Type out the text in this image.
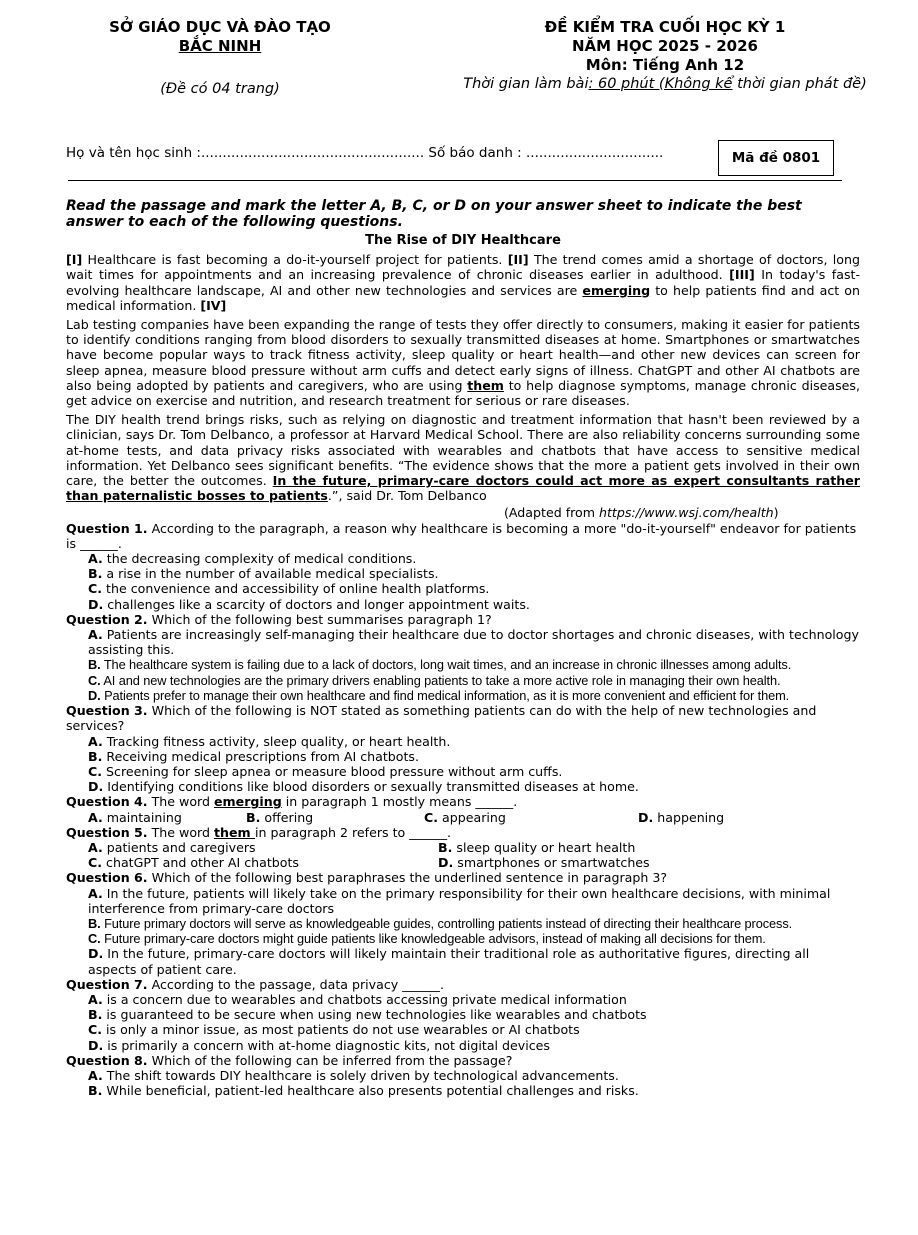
SỞ GIÁO DỤC VÀ ĐÀO TẠO
BẮC NINH
(Đề có 04 trang)
ĐỀ KIỂM TRA CUỐI HỌC KỲ 1
NĂM HỌC 2025 - 2026
Môn: Tiếng Anh 12
Thời gian làm bài: 60 phút (Không kể thời gian phát đề)
Họ và tên học sinh :.................................................... Số báo danh : ................................	Mã đề 0801

Read the passage and mark the letter A, B, C, or D on your answer sheet to indicate the best answer to each of the following questions.

The Rise of DIY Healthcare

[I] Healthcare is fast becoming a do-it-yourself project for patients. [II] The trend comes amid a shortage of doctors, long wait times for appointments and an increasing prevalence of chronic diseases earlier in adulthood. [III] In today's fast-evolving healthcare landscape, AI and other new technologies and services are emerging to help patients find and act on medical information. [IV]

Lab testing companies have been expanding the range of tests they offer directly to consumers, making it easier for patients to identify conditions ranging from blood disorders to sexually transmitted diseases at home. Smartphones or smartwatches have become popular ways to track fitness activity, sleep quality or heart health—and other new devices can screen for sleep apnea, measure blood pressure without arm cuffs and detect early signs of illness. ChatGPT and other AI chatbots are also being adopted by patients and caregivers, who are using them to help diagnose symptoms, manage chronic diseases, get advice on exercise and nutrition, and research treatment for serious or rare diseases.

The DIY health trend brings risks, such as relying on diagnostic and treatment information that hasn't been reviewed by a clinician, says Dr. Tom Delbanco, a professor at Harvard Medical School. There are also reliability concerns surrounding some at-home tests, and data privacy risks associated with wearables and chatbots that have access to sensitive medical information. Yet Delbanco sees significant benefits. “The evidence shows that the more a patient gets involved in their own care, the better the outcomes. In the future, primary-care doctors could act more as expert consultants rather than paternalistic bosses to patients.”, said Dr. Tom Delbanco

(Adapted from https://www.wsj.com/health)
Question 1. According to the paragraph, a reason why healthcare is becoming a more "do-it-yourself" endeavor for patients is ______.
A. the decreasing complexity of medical conditions.
B. a rise in the number of available medical specialists.
C. the convenience and accessibility of online health platforms.
D. challenges like a scarcity of doctors and longer appointment waits.
Question 2. Which of the following best summarises paragraph 1?
A. Patients are increasingly self-managing their healthcare due to doctor shortages and chronic diseases, with technology assisting this.
B. The healthcare system is failing due to a lack of doctors, long wait times, and an increase in chronic illnesses among adults.
C. AI and new technologies are the primary drivers enabling patients to take a more active role in managing their own health.
D. Patients prefer to manage their own healthcare and find medical information, as it is more convenient and efficient for them.
Question 3. Which of the following is NOT stated as something patients can do with the help of new technologies and services?
A. Tracking fitness activity, sleep quality, or heart health.
B. Receiving medical prescriptions from AI chatbots.
C. Screening for sleep apnea or measure blood pressure without arm cuffs.
D. Identifying conditions like blood disorders or sexually transmitted diseases at home.
Question 4. The word emerging in paragraph 1 mostly means ______.
A. maintaining	B. offering	C. appearing	D. happening
Question 5. The word them in paragraph 2 refers to ______.
A. patients and caregivers	B. sleep quality or heart health
C. chatGPT and other AI chatbots	D. smartphones or smartwatches
Question 6. Which of the following best paraphrases the underlined sentence in paragraph 3?
A. In the future, patients will likely take on the primary responsibility for their own healthcare decisions, with minimal interference from primary-care doctors
B. Future primary doctors will serve as knowledgeable guides, controlling patients instead of directing their healthcare process.
C. Future primary-care doctors might guide patients like knowledgeable advisors, instead of making all decisions for them.
D. In the future, primary-care doctors will likely maintain their traditional role as authoritative figures, directing all aspects of patient care.
Question 7. According to the passage, data privacy ______.
A. is a concern due to wearables and chatbots accessing private medical information
B. is guaranteed to be secure when using new technologies like wearables and chatbots
C. is only a minor issue, as most patients do not use wearables or AI chatbots
D. is primarily a concern with at-home diagnostic kits, not digital devices
Question 8. Which of the following can be inferred from the passage?
A. The shift towards DIY healthcare is solely driven by technological advancements.
B. While beneficial, patient-led healthcare also presents potential challenges and risks.
